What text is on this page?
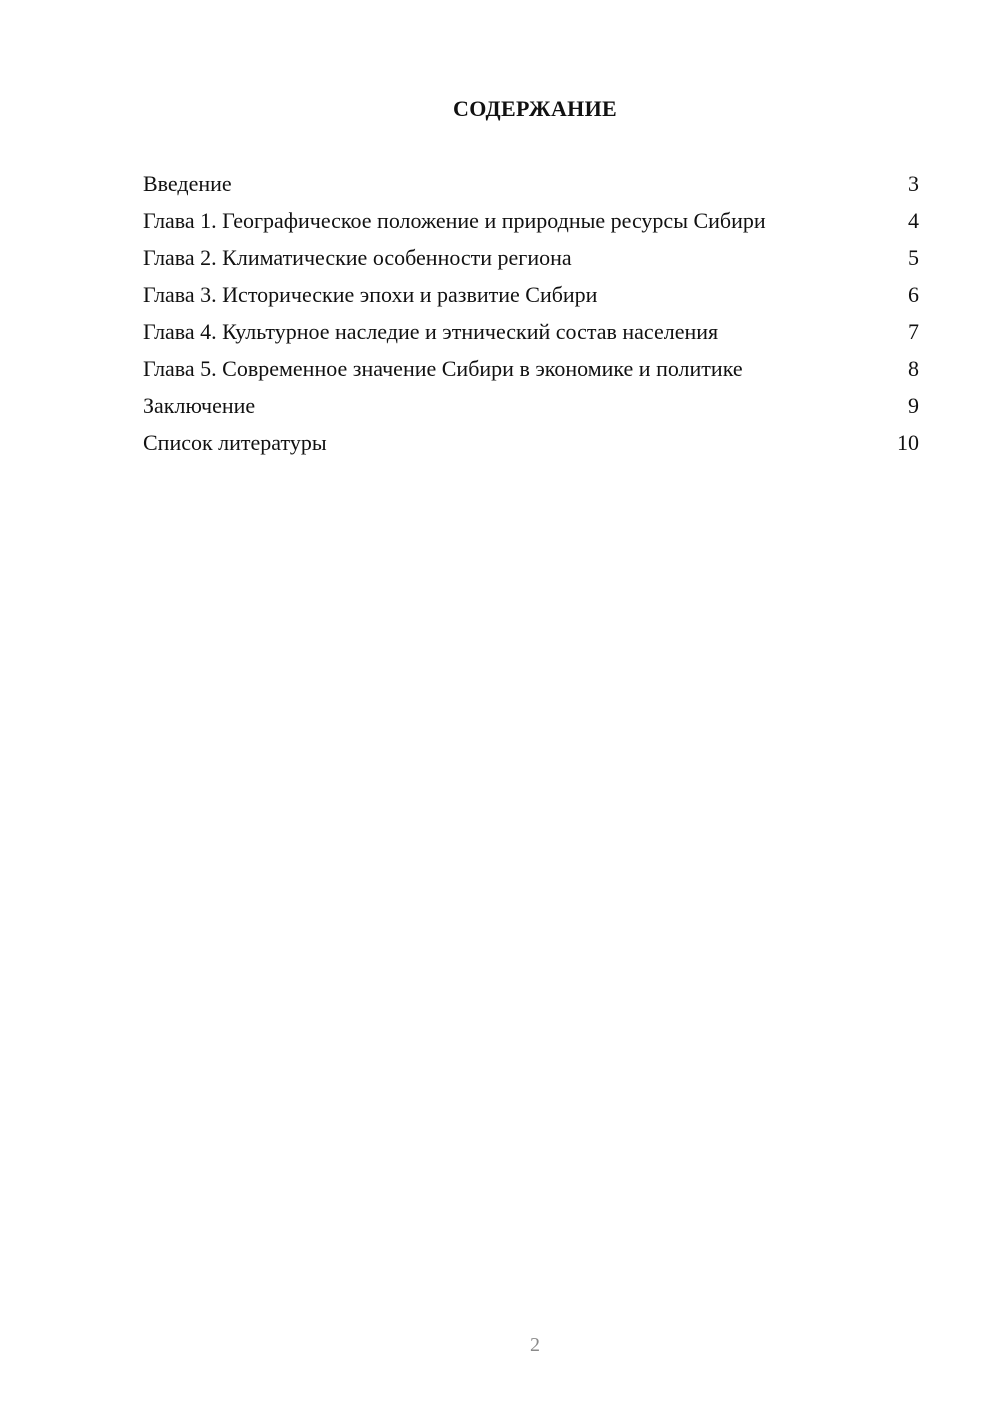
СОДЕРЖАНИЕ
Введение	3
Глава 1. Географическое положение и природные ресурсы Сибири	4
Глава 2. Климатические особенности региона	5
Глава 3. Исторические эпохи и развитие Сибири	6
Глава 4. Культурное наследие и этнический состав населения	7
Глава 5. Современное значение Сибири в экономике и политике	8
Заключение	9
Список литературы	10
2
